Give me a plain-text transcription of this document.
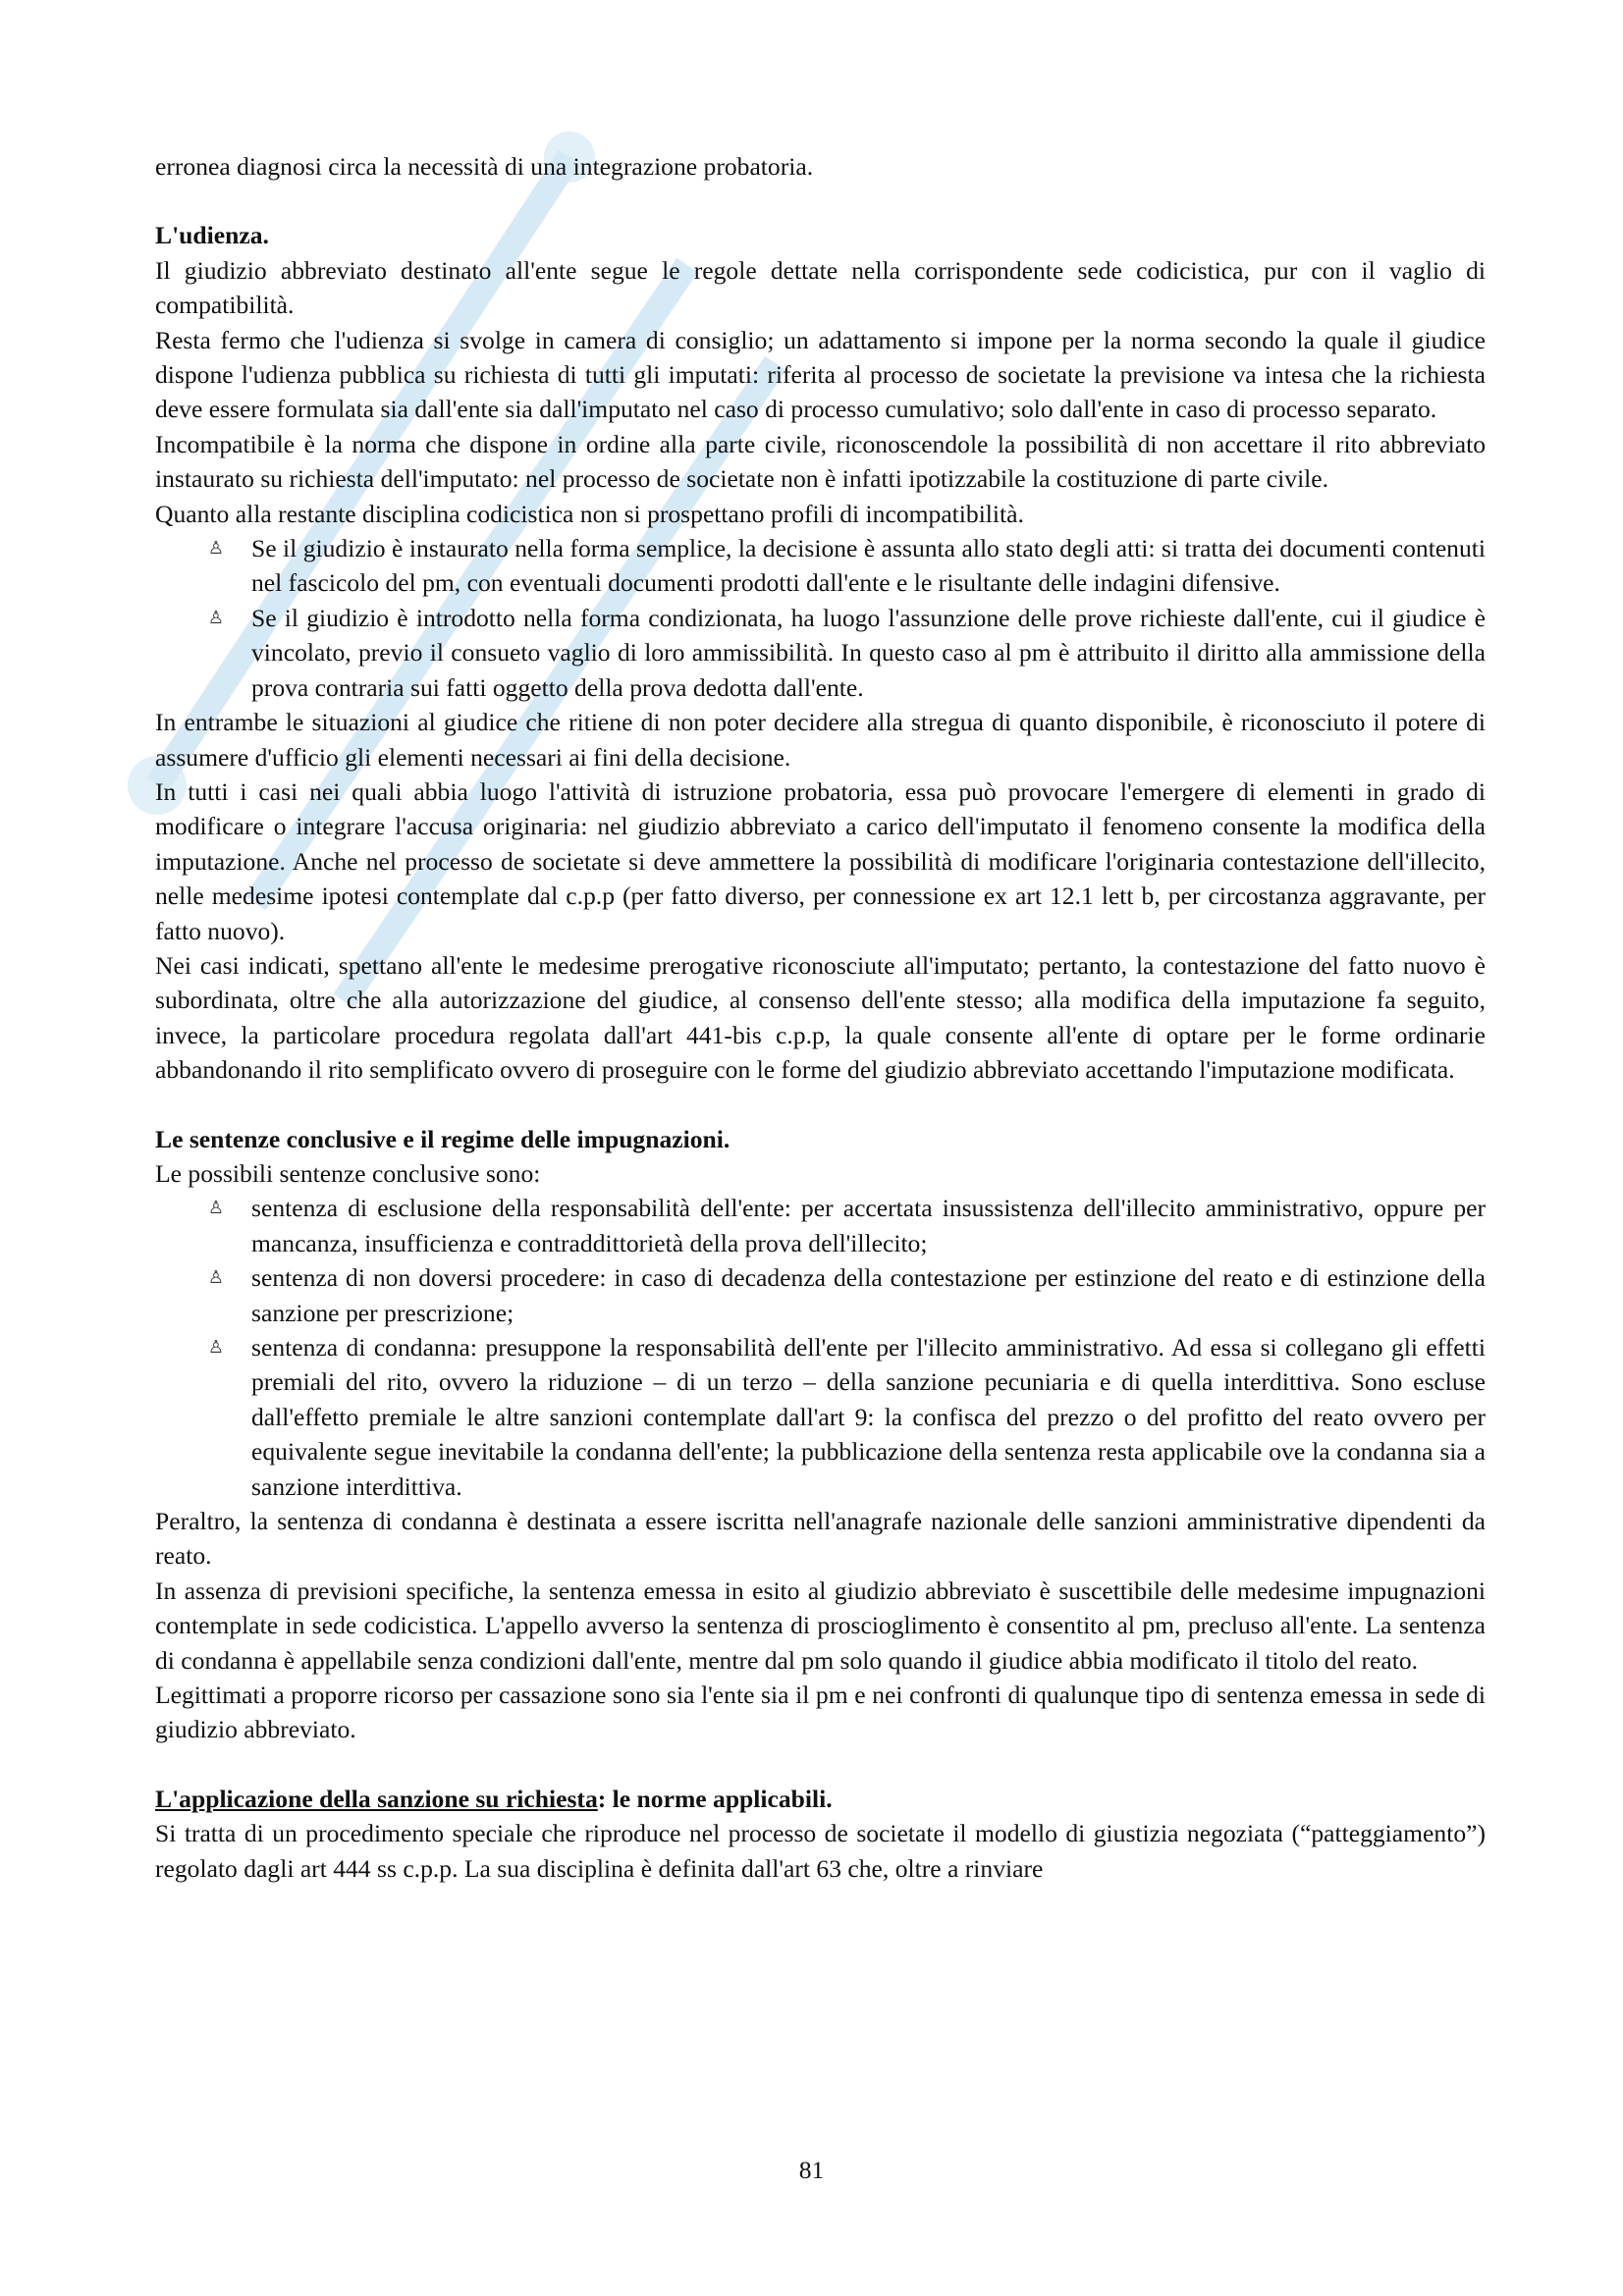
erronea diagnosi circa la necessità di una integrazione probatoria.

L'udienza.

Il giudizio abbreviato destinato all'ente segue le regole dettate nella corrispondente sede codicistica, pur con il vaglio di compatibilità.

Resta fermo che l'udienza si svolge in camera di consiglio; un adattamento si impone per la norma secondo la quale il giudice dispone l'udienza pubblica su richiesta di tutti gli imputati: riferita al processo de societate la previsione va intesa che la richiesta deve essere formulata sia dall'ente sia dall'imputato nel caso di processo cumulativo; solo dall'ente in caso di processo separato.

Incompatibile è la norma che dispone in ordine alla parte civile, riconoscendole la possibilità di non accettare il rito abbreviato instaurato su richiesta dell'imputato: nel processo de societate non è infatti ipotizzabile la costituzione di parte civile.

Quanto alla restante disciplina codicistica non si prospettano profili di incompatibilità.

♙ Se il giudizio è instaurato nella forma semplice, la decisione è assunta allo stato degli atti: si tratta dei documenti contenuti nel fascicolo del pm, con eventuali documenti prodotti dall'ente e le risultante delle indagini difensive.
♙ Se il giudizio è introdotto nella forma condizionata, ha luogo l'assunzione delle prove richieste dall'ente, cui il giudice è vincolato, previo il consueto vaglio di loro ammissibilità. In questo caso al pm è attribuito il diritto alla ammissione della prova contraria sui fatti oggetto della prova dedotta dall'ente.

In entrambe le situazioni al giudice che ritiene di non poter decidere alla stregua di quanto disponibile, è riconosciuto il potere di assumere d'ufficio gli elementi necessari ai fini della decisione.

In tutti i casi nei quali abbia luogo l'attività di istruzione probatoria, essa può provocare l'emergere di elementi in grado di modificare o integrare l'accusa originaria: nel giudizio abbreviato a carico dell'imputato il fenomeno consente la modifica della imputazione. Anche nel processo de societate si deve ammettere la possibilità di modificare l'originaria contestazione dell'illecito, nelle medesime ipotesi contemplate dal c.p.p (per fatto diverso, per connessione ex art 12.1 lett b, per circostanza aggravante, per fatto nuovo).

Nei casi indicati, spettano all'ente le medesime prerogative riconosciute all'imputato; pertanto, la contestazione del fatto nuovo è subordinata, oltre che alla autorizzazione del giudice, al consenso dell'ente stesso; alla modifica della imputazione fa seguito, invece, la particolare procedura regolata dall'art 441-bis c.p.p, la quale consente all'ente di optare per le forme ordinarie abbandonando il rito semplificato ovvero di proseguire con le forme del giudizio abbreviato accettando l'imputazione modificata.

Le sentenze conclusive e il regime delle impugnazioni.

Le possibili sentenze conclusive sono:

♙ sentenza di esclusione della responsabilità dell'ente: per accertata insussistenza dell'illecito amministrativo, oppure per mancanza, insufficienza e contraddittorietà della prova dell'illecito;
♙ sentenza di non doversi procedere: in caso di decadenza della contestazione per estinzione del reato e di estinzione della sanzione per prescrizione;
♙ sentenza di condanna: presuppone la responsabilità dell'ente per l'illecito amministrativo. Ad essa si collegano gli effetti premiali del rito, ovvero la riduzione – di un terzo – della sanzione pecuniaria e di quella interdittiva. Sono escluse dall'effetto premiale le altre sanzioni contemplate dall'art 9: la confisca del prezzo o del profitto del reato ovvero per equivalente segue inevitabile la condanna dell'ente; la pubblicazione della sentenza resta applicabile ove la condanna sia a sanzione interdittiva.

Peraltro, la sentenza di condanna è destinata a essere iscritta nell'anagrafe nazionale delle sanzioni amministrative dipendenti da reato.

In assenza di previsioni specifiche, la sentenza emessa in esito al giudizio abbreviato è suscettibile delle medesime impugnazioni contemplate in sede codicistica. L'appello avverso la sentenza di proscioglimento è consentito al pm, precluso all'ente. La sentenza di condanna è appellabile senza condizioni dall'ente, mentre dal pm solo quando il giudice abbia modificato il titolo del reato.

Legittimati a proporre ricorso per cassazione sono sia l'ente sia il pm e nei confronti di qualunque tipo di sentenza emessa in sede di giudizio abbreviato.

L'applicazione della sanzione su richiesta: le norme applicabili.

Si tratta di un procedimento speciale che riproduce nel processo de societate il modello di giustizia negoziata (“patteggiamento”) regolato dagli art 444 ss c.p.p. La sua disciplina è definita dall'art 63 che, oltre a rinviare

81
